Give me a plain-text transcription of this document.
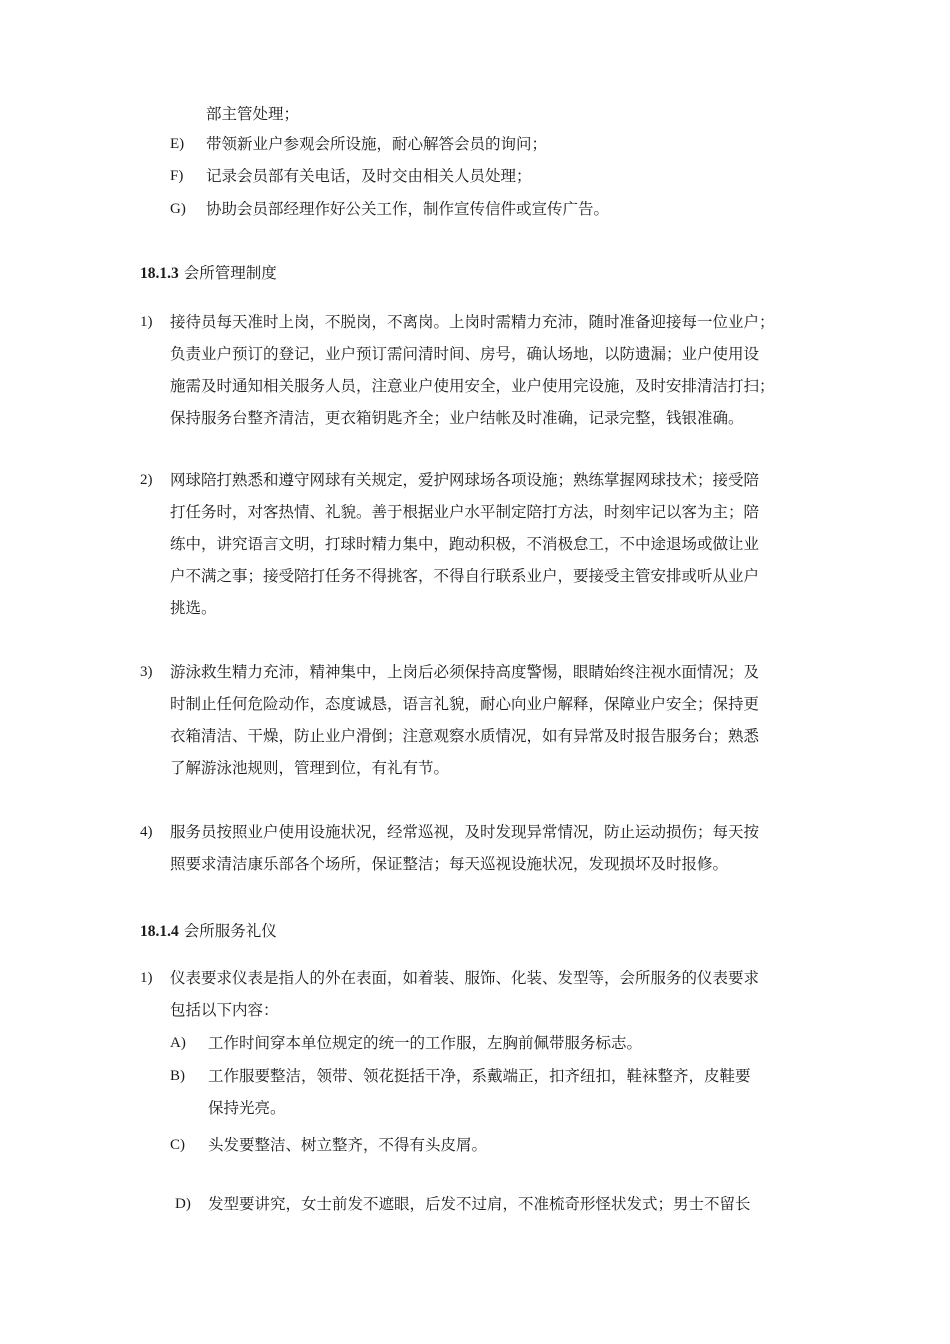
部主管处理；
E) 带领新业户参观会所设施，耐心解答会员的询问；
F) 记录会员部有关电话，及时交由相关人员处理；
G) 协助会员部经理作好公关工作，制作宣传信件或宣传广告。
18.1.3 会所管理制度
1) 接待员每天准时上岗，不脱岗，不离岗。上岗时需精力充沛，随时准备迎接每一位业户；
负责业户预订的登记，业户预订需问清时间、房号，确认场地，以防遗漏；业户使用设
施需及时通知相关服务人员，注意业户使用安全，业户使用完设施，及时安排清洁打扫；
保持服务台整齐清洁，更衣箱钥匙齐全；业户结帐及时准确，记录完整，钱银准确。
2) 网球陪打熟悉和遵守网球有关规定，爱护网球场各项设施；熟练掌握网球技术；接受陪
打任务时，对客热情、礼貌。善于根据业户水平制定陪打方法，时刻牢记以客为主；陪
练中，讲究语言文明，打球时精力集中，跑动积极，不消极怠工，不中途退场或做让业
户不满之事；接受陪打任务不得挑客，不得自行联系业户，要接受主管安排或听从业户
挑选。
3) 游泳救生精力充沛，精神集中，上岗后必须保持高度警惕，眼睛始终注视水面情况；及
时制止任何危险动作，态度诚恳，语言礼貌，耐心向业户解释，保障业户安全；保持更
衣箱清洁、干燥，防止业户滑倒；注意观察水质情况，如有异常及时报告服务台；熟悉
了解游泳池规则，管理到位，有礼有节。
4) 服务员按照业户使用设施状况，经常巡视，及时发现异常情况，防止运动损伤；每天按
照要求清洁康乐部各个场所，保证整洁；每天巡视设施状况，发现损坏及时报修。
18.1.4 会所服务礼仪
1) 仪表要求仪表是指人的外在表面，如着装、服饰、化装、发型等，会所服务的仪表要求
包括以下内容：
A) 工作时间穿本单位规定的统一的工作服，左胸前佩带服务标志。
B) 工作服要整洁，领带、领花挺括干净，系戴端正，扣齐纽扣，鞋袜整齐，皮鞋要
保持光亮。
C) 头发要整洁、树立整齐，不得有头皮屑。
D) 发型要讲究，女士前发不遮眼，后发不过肩，不准梳奇形怪状发式；男士不留长
